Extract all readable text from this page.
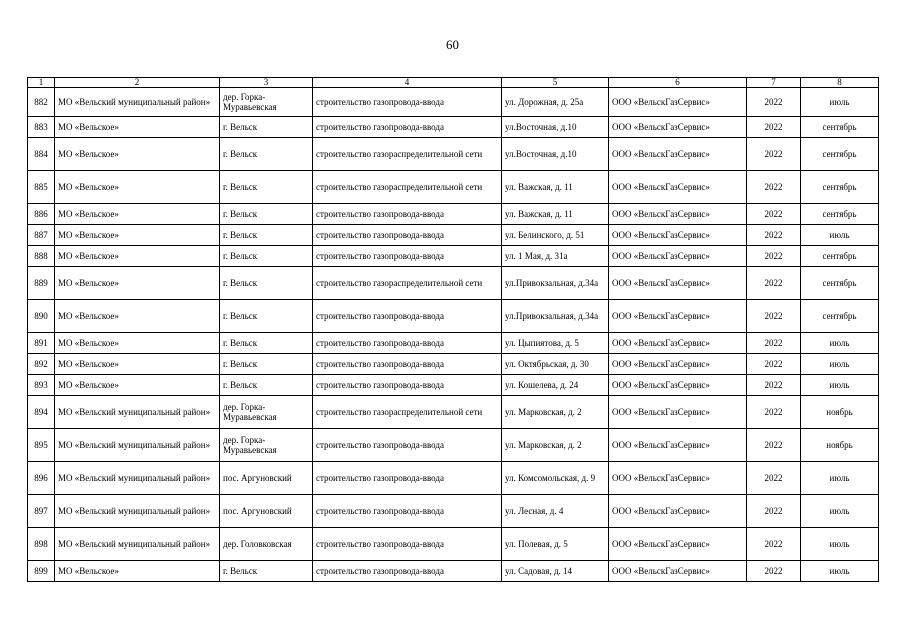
60
1	2	3	4	5	6	7	8
882	МО «Вельский муниципальный район»	дер. Горка-Муравьевская	строительство газопровода-ввода	ул. Дорожная, д. 25а	ООО «ВельскГазСервис»	2022	июль
883	МО «Вельское»	г. Вельск	строительство газопровода-ввода	ул.Восточная, д.10	ООО «ВельскГазСервис»	2022	сентябрь
884	МО «Вельское»	г. Вельск	строительство газораспределительной сети	ул.Восточная, д.10	ООО «ВельскГазСервис»	2022	сентябрь
885	МО «Вельское»	г. Вельск	строительство газораспределительной сети	ул. Важская, д. 11	ООО «ВельскГазСервис»	2022	сентябрь
886	МО «Вельское»	г. Вельск	строительство газопровода-ввода	ул. Важская, д. 11	ООО «ВельскГазСервис»	2022	сентябрь
887	МО «Вельское»	г. Вельск	строительство газопровода-ввода	ул. Белинского, д. 51	ООО «ВельскГазСервис»	2022	июль
888	МО «Вельское»	г. Вельск	строительство газопровода-ввода	ул. 1 Мая, д. 31а	ООО «ВельскГазСервис»	2022	сентябрь
889	МО «Вельское»	г. Вельск	строительство газораспределительной сети	ул.Привокзальная, д.34а	ООО «ВельскГазСервис»	2022	сентябрь
890	МО «Вельское»	г. Вельск	строительство газопровода-ввода	ул.Привокзальная, д.34а	ООО «ВельскГазСервис»	2022	сентябрь
891	МО «Вельское»	г. Вельск	строительство газопровода-ввода	ул. Цыпиятова, д. 5	ООО «ВельскГазСервис»	2022	июль
892	МО «Вельское»	г. Вельск	строительство газопровода-ввода	ул. Октябрьская, д. 30	ООО «ВельскГазСервис»	2022	июль
893	МО «Вельское»	г. Вельск	строительство газопровода-ввода	ул. Кошелева, д. 24	ООО «ВельскГазСервис»	2022	июль
894	МО «Вельский муниципальный район»	дер. Горка-Муравьевская	строительство газораспределительной сети	ул. Марковская, д. 2	ООО «ВельскГазСервис»	2022	ноябрь
895	МО «Вельский муниципальный район»	дер. Горка-Муравьевская	строительство газопровода-ввода	ул. Марковская, д. 2	ООО «ВельскГазСервис»	2022	ноябрь
896	МО «Вельский муниципальный район»	пос. Аргуновский	строительство газопровода-ввода	ул. Комсомольская, д. 9	ООО «ВельскГазСервис»	2022	июль
897	МО «Вельский муниципальный район»	пос. Аргуновский	строительство газопровода-ввода	ул. Лесная, д. 4	ООО «ВельскГазСервис»	2022	июль
898	МО «Вельский муниципальный район»	дер. Головковская	строительство газопровода-ввода	ул. Полевая, д. 5	ООО «ВельскГазСервис»	2022	июль
899	МО «Вельское»	г. Вельск	строительство газопровода-ввода	ул. Садовая, д. 14	ООО «ВельскГазСервис»	2022	июль
